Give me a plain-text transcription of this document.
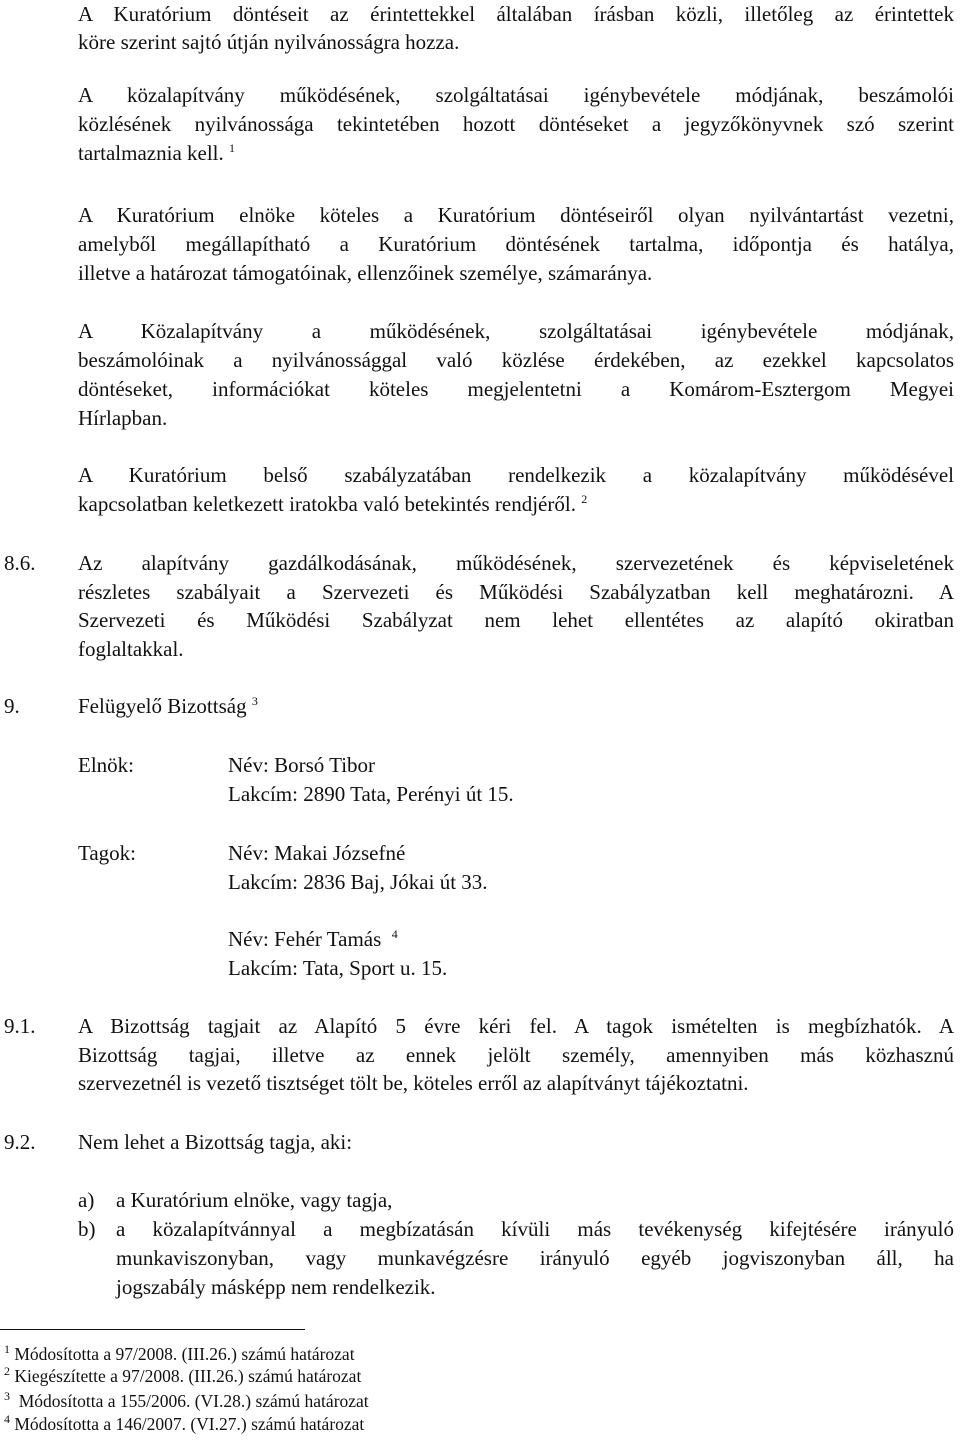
A Kuratórium döntéseit az érintettekkel általában írásban közli, illetőleg az érintettek

köre szerint sajtó útján nyilvánosságra hozza.

A közalapítvány működésének, szolgáltatásai igénybevétele módjának, beszámolói

közlésének nyilvánossága tekintetében hozott döntéseket a jegyzőkönyvnek szó szerint

tartalmaznia kell. $^1$

A Kuratórium elnöke köteles a Kuratórium döntéseiről olyan nyilvántartást vezetni,

amelyből megállapítható a Kuratórium döntésének tartalma, időpontja és hatálya,

illetve a határozat támogatóinak, ellenzőinek személye, számaránya.

A Közalapítvány a működésének, szolgáltatásai igénybevétele módjának,

beszámolóinak a nyilvánossággal való közlése érdekében, az ezekkel kapcsolatos

döntéseket, információkat köteles megjelentetni a Komárom-Esztergom Megyei

Hírlapban.

A Kuratórium belső szabályzatában rendelkezik a közalapítvány működésével

kapcsolatban keletkezett iratokba való betekintés rendjéről. $^2$

8.6. Az alapítvány gazdálkodásának, működésének, szervezetének és képviseletének

részletes szabályait a Szervezeti és Működési Szabályzatban kell meghatározni. A

Szervezeti és Működési Szabályzat nem lehet ellentétes az alapító okiratban

foglaltakkal.

9.	Felügyelő Bizottság $^3$

Elnök:	Név: Borsó Tibor

Lakcím: 2890 Tata, Perényi út 15.

Tagok:	Név: Makai Józsefné

Lakcím: 2836 Baj, Jókai út 33.

Név: Fehér Tamás $^4$

Lakcím: Tata, Sport u. 15.

9.1. A Bizottság tagjait az Alapító 5 évre kéri fel. A tagok ismételten is megbízhatók. A

Bizottság tagjai, illetve az ennek jelölt személy, amennyiben más közhasznú

szervezetnél is vezető tisztséget tölt be, köteles erről az alapítványt tájékoztatni.

9.2. Nem lehet a Bizottság tagja, aki:

a) a Kuratórium elnöke, vagy tagja,

b) a közalapítvánnyal a megbízatásán kívüli más tevékenység kifejtésére irányuló

munkaviszonyban, vagy munkavégzésre irányuló egyéb jogviszonyban áll, ha

jogszabály másképp nem rendelkezik.

$^1$ Módosította a 97/2008. (III.26.) számú határozat

$^2$ Kiegészítette a 97/2008. (III.26.) számú határozat

$^3$ Módosította a 155/2006. (VI.28.) számú határozat

$^4$ Módosította a 146/2007. (VI.27.) számú határozat
